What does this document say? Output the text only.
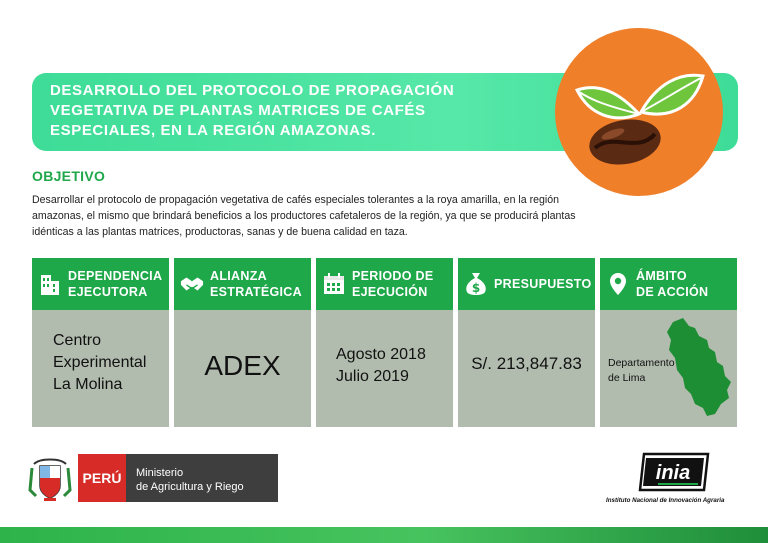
DESARROLLO DEL PROTOCOLO DE PROPAGACIÓN
VEGETATIVA DE PLANTAS MATRICES DE CAFÉS
ESPECIALES, EN LA REGIÓN AMAZONAS.
OBJETIVO

Desarrollar el protocolo de propagación vegetativa de cafés especiales tolerantes a la roya amarilla, en la región amazonas, el mismo que brindará beneficios a los productores cafetaleros de la región, ya que se producirá plantas idénticas a las plantas matrices, productoras, sanas y de buena calidad en taza.

DEPENDENCIA
EJECUTORA
Centro
Experimental
La Molina
ALIANZA
ESTRATÉGICA
ADEX
PERIODO DE
EJECUCIÓN
Agosto 2018
Julio 2019
$ PRESUPUESTO
S/. 213,847.83
ÁMBITO
DE ACCIÓN
Departamento
de Lima
PERÚ	Ministerio
de Agricultura y Riego
inia
Instituto Nacional de Innovación Agraria
